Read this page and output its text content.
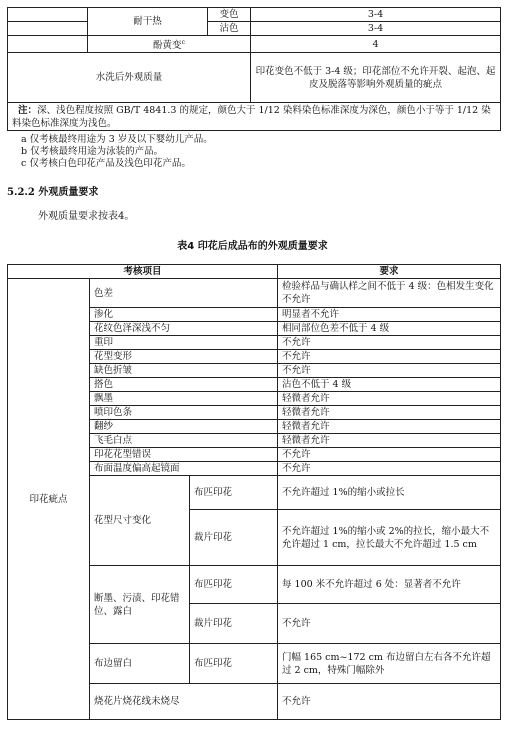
	耐干热	变色	3-4
		沾色	3-4
	酚黄变$^c$		4
水洗后外观质量			印花变色不低于 3-4 级；印花部位不允许开裂、起泡、起皮及脱落等影响外观质量的疵点
注：深、浅色程度按照 GB/T 4841.3 的规定，颜色大于 1/12 染料染色标准深度为深色，颜色小于等于 1/12 染料染色标准深度为浅色。			
a 仅考核最终用途为 3 岁及以下婴幼儿产品。
b 仅考核最终用途为泳装的产品。
c 仅考核白色印花产品及浅色印花产品。
5.2.2 外观质量要求
外观质量要求按表4。
表4 印花后成品布的外观质量要求
考核项目			要求
印花疵点	色差		检验样品与确认样之间不低于 4 级：色相发生变化不允许
	渗化		明显者不允许
	花纹色泽深浅不匀		相同部位色差不低于 4 级
	重印		不允许
	花型变形		不允许
	缺色折皱		不允许
	搭色		沾色不低于 4 级
	飘墨		轻微者允许
	喷印色条		轻微者允许
	翻纱		轻微者允许
	飞毛白点		轻微者允许
	印花花型错误		不允许
	布面温度偏高起镜面		不允许
	花型尺寸变化	布匹印花	不允许超过 1%的缩小或拉长
		裁片印花	不允许超过 1%的缩小或 2%的拉长，缩小最大不允许超过 1 cm，拉长最大不允许超过 1.5 cm
	断墨、污渍、印花错位、露白	布匹印花	每 100 米不允许超过 6 处：显著者不允许
		裁片印花	不允许
	布边留白	布匹印花	门幅 165 cm~172 cm 布边留白左右各不允许超过 2 cm，特殊门幅除外
	烧花片烧花线未烧尽		不允许
